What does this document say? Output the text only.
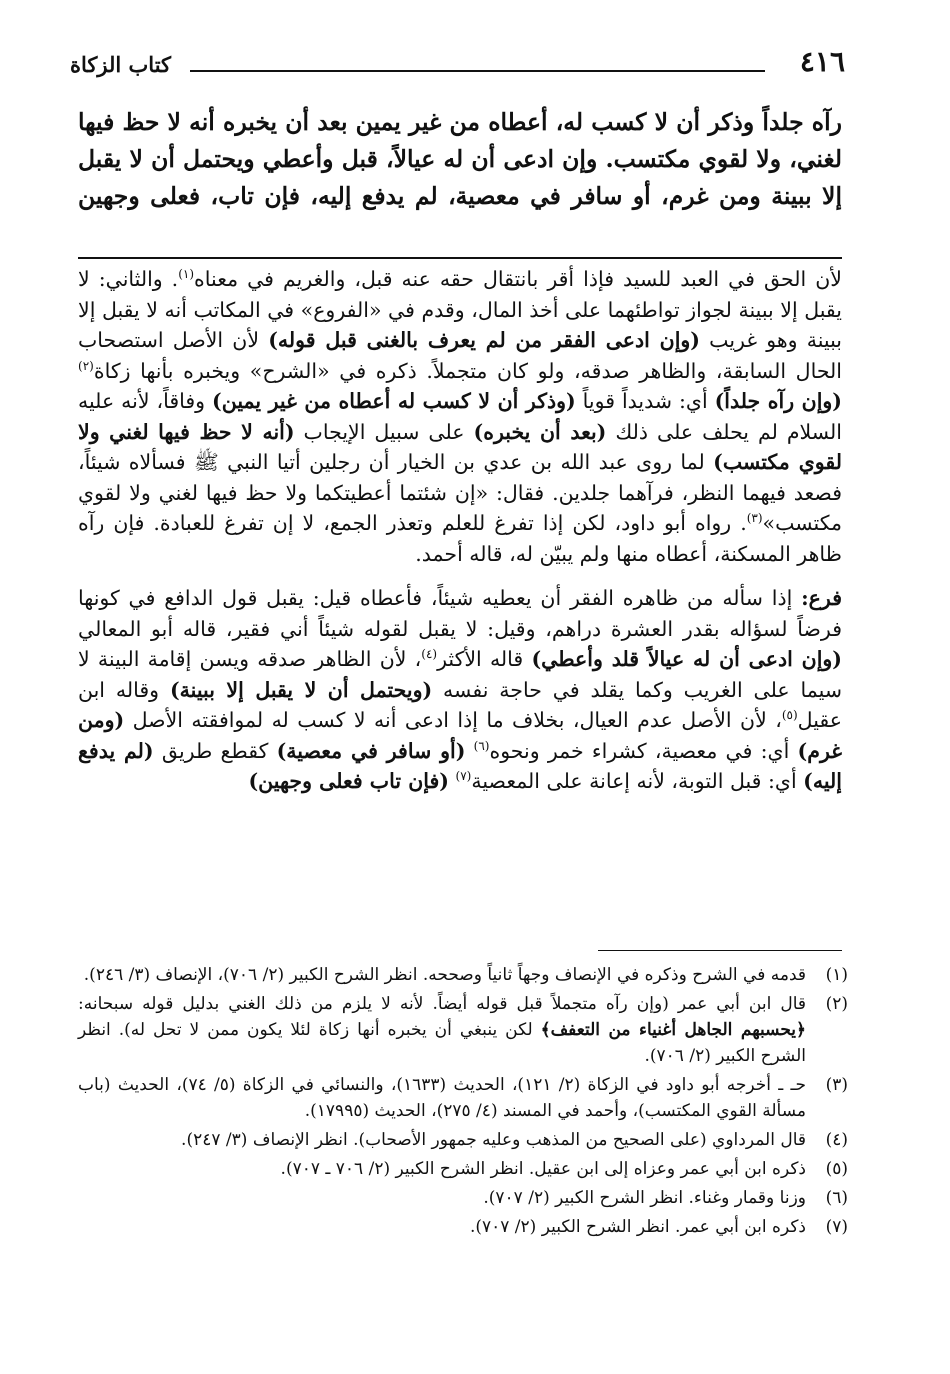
٤١٦
كتاب الزكاة

رآه جلداً وذكر أن لا كسب له، أعطاه من غير يمين بعد أن يخبره أنه لا حظ فيها

لغني، ولا لقوي مكتسب. وإن ادعى أن له عيالاً، قبل وأعطي ويحتمل أن لا يقبل

إلا ببينة ومن غرم، أو سافر في معصية، لم يدفع إليه، فإن تاب، فعلى وجهين

لأن الحق في العبد للسيد فإذا أقر بانتقال حقه عنه قبل، والغريم في معناه$^{(١)}$. والثاني: لا يقبل إلا ببينة لجواز تواطئهما على أخذ المال، وقدم في «الفروع» في المكاتب أنه لا يقبل إلا ببينة وهو غريب (وإن ادعى الفقر من لم يعرف بالغنى قبل قوله) لأن الأصل استصحاب الحال السابقة، والظاهر صدقه، ولو كان متجملاً. ذكره في «الشرح» ويخبره بأنها زكاة$^{(٢)}$ (وإن رآه جلداً) أي: شديداً قوياً (وذكر أن لا كسب له أعطاه من غير يمين) وفاقاً، لأنه عليه السلام لم يحلف على ذلك (بعد أن يخبره) على سبيل الإيجاب (أنه لا حظ فيها لغني ولا لقوي مكتسب) لما روى عبد الله بن عدي بن الخيار أن رجلين أتيا النبي ﷺ فسألاه شيئاً، فصعد فيهما النظر، فرآهما جلدين. فقال: «إن شئتما أعطيتكما ولا حظ فيها لغني ولا لقوي مكتسب»$^{(٣)}$. رواه أبو داود، لكن إذا تفرغ للعلم وتعذر الجمع، لا إن تفرغ للعبادة. فإن رآه ظاهر المسكنة، أعطاه منها ولم يبيّن له، قاله أحمد.

فرع: إذا سأله من ظاهره الفقر أن يعطيه شيئاً، فأعطاه قيل: يقبل قول الدافع في كونها فرضاً لسؤاله بقدر العشرة دراهم، وقيل: لا يقبل لقوله شيئاً أني فقير، قاله أبو المعالي (وإن ادعى أن له عيالاً قلد وأعطي) قاله الأكثر$^{(٤)}$، لأن الظاهر صدقه ويسن إقامة البينة لا سيما على الغريب وكما يقلد في حاجة نفسه (ويحتمل أن لا يقبل إلا ببينة) وقاله ابن عقيل$^{(٥)}$، لأن الأصل عدم العيال، بخلاف ما إذا ادعى أنه لا كسب له لموافقته الأصل (ومن غرم) أي: في معصية، كشراء خمر ونحوه$^{(٦)}$ (أو سافر في معصية) كقطع طريق (لم يدفع إليه) أي: قبل التوبة، لأنه إعانة على المعصية$^{(٧)}$ (فإن تاب فعلى وجهين)

(١)
قدمه في الشرح وذكره في الإنصاف وجهاً ثانياً وصححه. انظر الشرح الكبير (٢/ ٧٠٦)، الإنصاف (٣/ ٢٤٦).
(٢)
قال ابن أبي عمر (وإن رآه متجملاً قبل قوله أيضاً. لأنه لا يلزم من ذلك الغني بدليل قوله سبحانه: ﴿يحسبهم الجاهل أغنياء من التعفف﴾ لكن ينبغي أن يخبره أنها زكاة لئلا يكون ممن لا تحل له). انظر الشرح الكبير (٢/ ٧٠٦).
(٣)
حـ ـ أخرجه أبو داود في الزكاة (٢/ ١٢١)، الحديث (١٦٣٣)، والنسائي في الزكاة (٥/ ٧٤)، الحديث (باب مسألة القوي المكتسب)، وأحمد في المسند (٤/ ٢٧٥)، الحديث (١٧٩٩٥).
(٤)
قال المرداوي (على الصحيح من المذهب وعليه جمهور الأصحاب). انظر الإنصاف (٣/ ٢٤٧).
(٥)
ذكره ابن أبي عمر وعزاه إلى ابن عقيل. انظر الشرح الكبير (٢/ ٧٠٦ ـ ٧٠٧).
(٦)
وزنا وقمار وغناء. انظر الشرح الكبير (٢/ ٧٠٧).
(٧)
ذكره ابن أبي عمر. انظر الشرح الكبير (٢/ ٧٠٧).
